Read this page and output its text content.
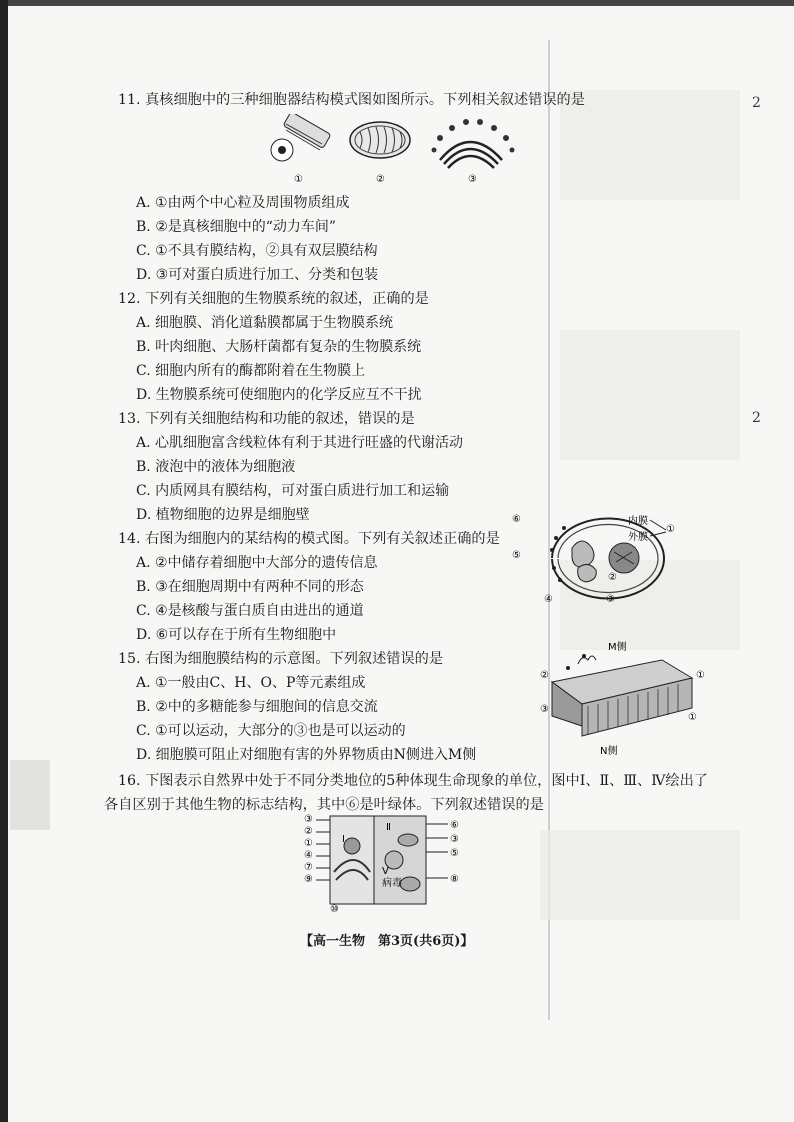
2
2
11. 真核细胞中的三种细胞器结构模式图如图所示。下列相关叙述错误的是
①	②	③
A. ①由两个中心粒及周围物质组成
B. ②是真核细胞中的“动力车间”
C. ①不具有膜结构，②具有双层膜结构
D. ③可对蛋白质进行加工、分类和包装
12. 下列有关细胞的生物膜系统的叙述，正确的是
A. 细胞膜、消化道黏膜都属于生物膜系统
B. 叶肉细胞、大肠杆菌都有复杂的生物膜系统
C. 细胞内所有的酶都附着在生物膜上
D. 生物膜系统可使细胞内的化学反应互不干扰
13. 下列有关细胞结构和功能的叙述，错误的是
A. 心肌细胞富含线粒体有利于其进行旺盛的代谢活动
B. 液泡中的液体为细胞液
C. 内质网具有膜结构，可对蛋白质进行加工和运输
D. 植物细胞的边界是细胞壁
14. 右图为细胞内的某结构的模式图。下列有关叙述正确的是
⑥
⑤
④	③
②
内膜
外膜
①
A. ②中储存着细胞中大部分的遗传信息
B. ③在细胞周期中有两种不同的形态
C. ④是核酸与蛋白质自由进出的通道
D. ⑥可以存在于所有生物细胞中
15. 右图为细胞膜结构的示意图。下列叙述错误的是
M侧
②
③
①
①
N侧
A. ①一般由C、H、O、P等元素组成
B. ②中的多糖能参与细胞间的信息交流
C. ①可以运动，大部分的③也是可以运动的
D. 细胞膜可阻止对细胞有害的外界物质由N侧进入M侧
16. 下图表示自然界中处于不同分类地位的5种体现生命现象的单位，图中Ⅰ、Ⅱ、Ⅲ、Ⅳ绘出了
各自区别于其他生物的标志结构，其中⑥是叶绿体。下列叙述错误的是
Ⅰ
Ⅱ
Ⅴ
病毒
③
②
①
④
⑦
⑨
⑩
⑥
③
⑤
⑧
【高一生物　第3页(共6页)】
